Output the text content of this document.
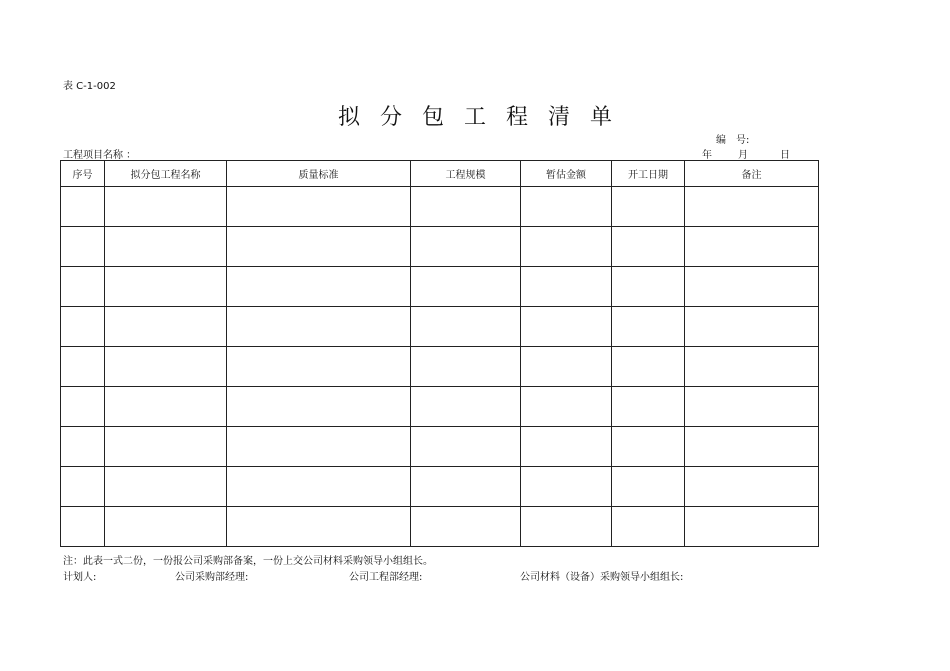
表 C-1-002
拟分包工程清单
编　号:
工程项目名称 ：	年	月	日
序号	拟分包工程名称	质量标准	工程规模	暂估金额	开工日期	备注

注：此表一式二份，一份报公司采购部备案，一份上交公司材料采购领导小组组长。
计划人:	公司采购部经理:	公司工程部经理:	公司材料（设备）采购领导小组组长:
